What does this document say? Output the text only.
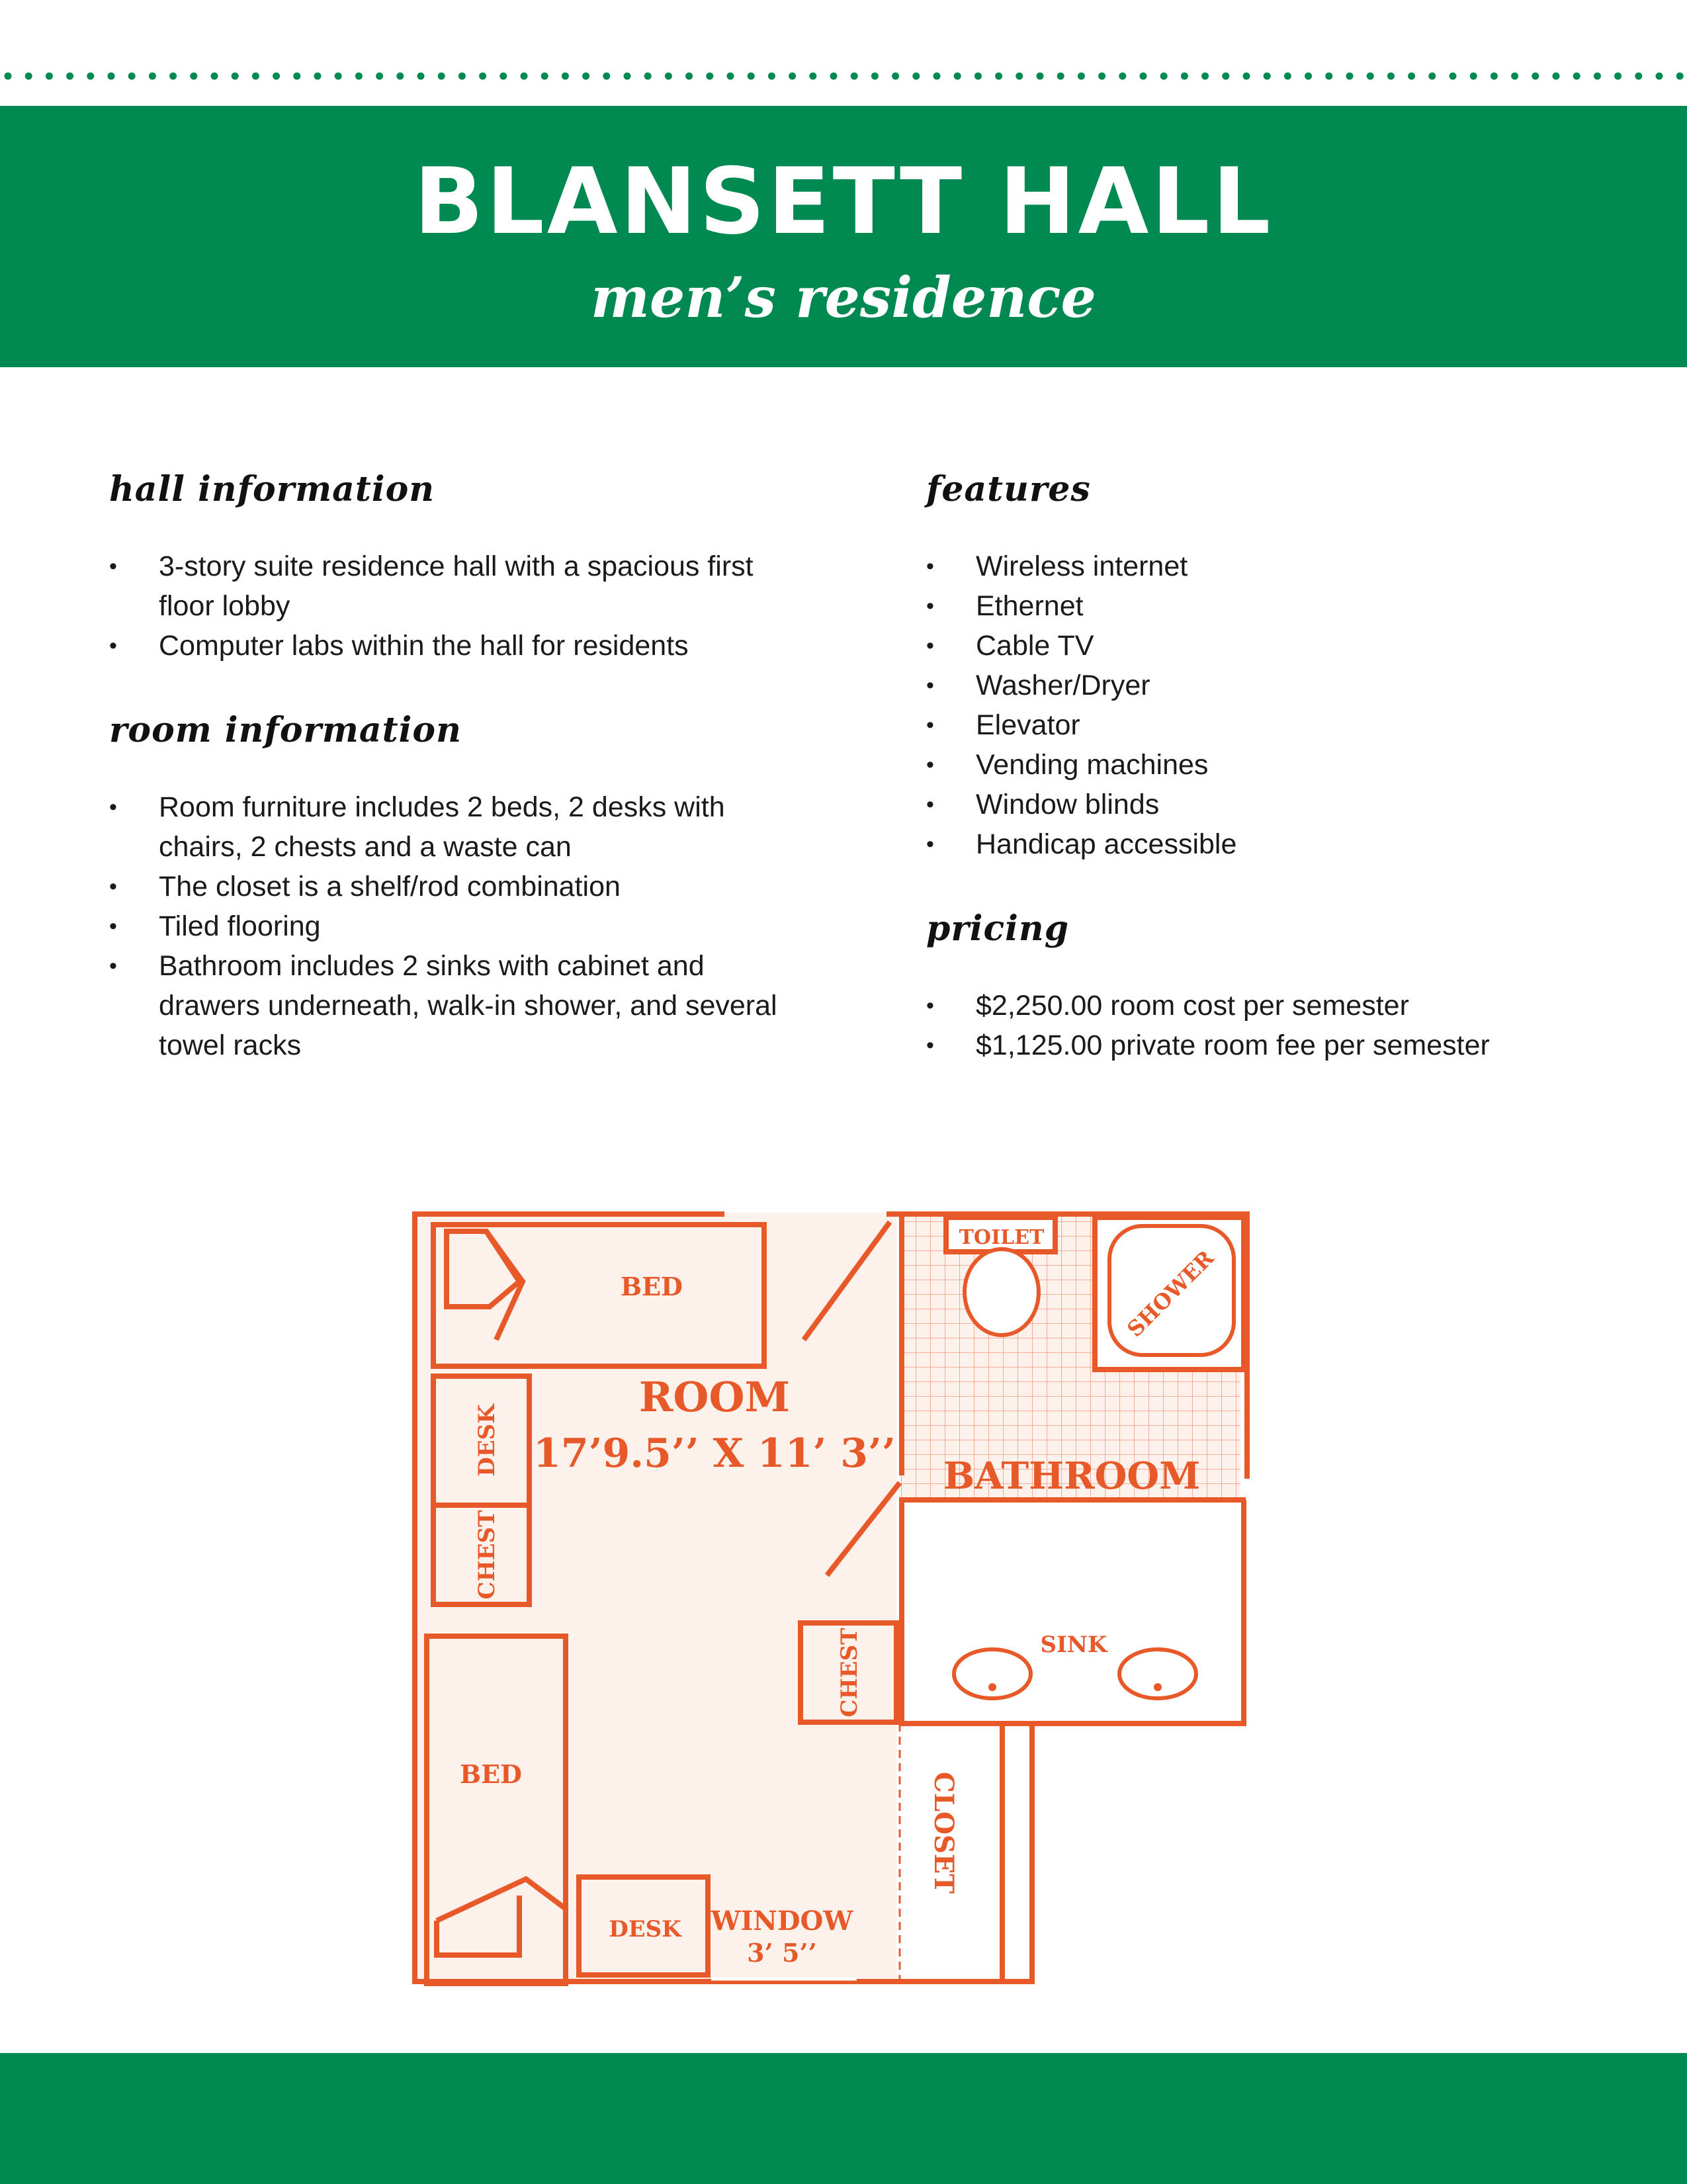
BLANSETT HALL
men’s residence
hall information
• 3-story suite residence hall with a spacious first floor lobby
• Computer labs within the hall for residents
room information
• Room furniture includes 2 beds, 2 desks with chairs, 2 chests and a waste can
• The closet is a shelf/rod combination
• Tiled flooring
• Bathroom includes 2 sinks with cabinet and drawers underneath, walk-in shower, and several towel racks
features
• Wireless internet
• Ethernet
• Cable TV
• Washer/Dryer
• Elevator
• Vending machines
• Window blinds
• Handicap accessible
pricing
• $2,250.00 room cost per semester
• $1,125.00 private room fee per semester
BED
ROOM
17’9.5’’ X 11’ 3’’
DESK
CHEST
BED
DESK WINDOW
3’ 5’’
CHEST
CLOSET
TOILET
SHOWER
BATHROOM
SINK
